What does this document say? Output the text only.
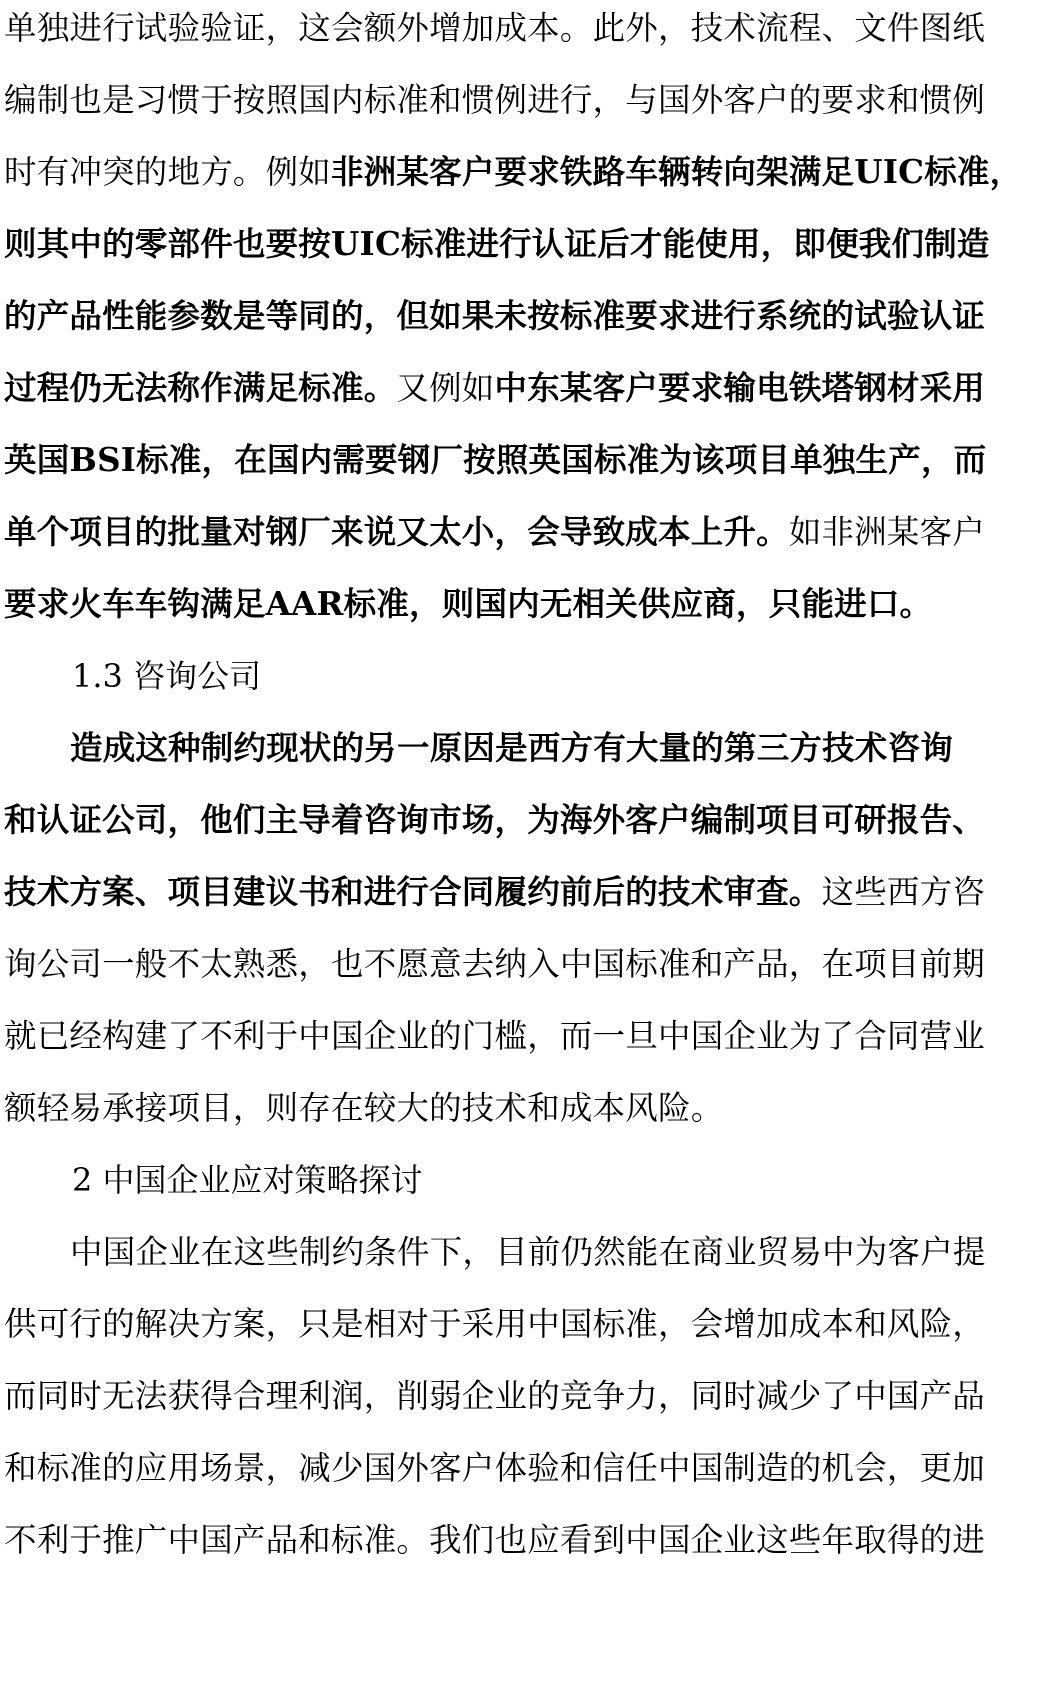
单独进行试验验证，这会额外增加成本。此外，技术流程、文件图纸
编制也是习惯于按照国内标准和惯例进行，与国外客户的要求和惯例
时有冲突的地方。例如非洲某客户要求铁路车辆转向架满足UIC标准，
则其中的零部件也要按UIC标准进行认证后才能使用，即便我们制造
的产品性能参数是等同的，但如果未按标准要求进行系统的试验认证
过程仍无法称作满足标准。又例如中东某客户要求输电铁塔钢材采用
英国BSI标准，在国内需要钢厂按照英国标准为该项目单独生产，而
单个项目的批量对钢厂来说又太小，会导致成本上升。如非洲某客户
要求火车车钩满足AAR标准，则国内无相关供应商，只能进口。
1.3 咨询公司
造成这种制约现状的另一原因是西方有大量的第三方技术咨询
和认证公司，他们主导着咨询市场，为海外客户编制项目可研报告、
技术方案、项目建议书和进行合同履约前后的技术审查。这些西方咨
询公司一般不太熟悉，也不愿意去纳入中国标准和产品，在项目前期
就已经构建了不利于中国企业的门槛，而一旦中国企业为了合同营业
额轻易承接项目，则存在较大的技术和成本风险。
2 中国企业应对策略探讨
中国企业在这些制约条件下，目前仍然能在商业贸易中为客户提
供可行的解决方案，只是相对于采用中国标准，会增加成本和风险，
而同时无法获得合理利润，削弱企业的竞争力，同时减少了中国产品
和标准的应用场景，减少国外客户体验和信任中国制造的机会，更加
不利于推广中国产品和标准。我们也应看到中国企业这些年取得的进
